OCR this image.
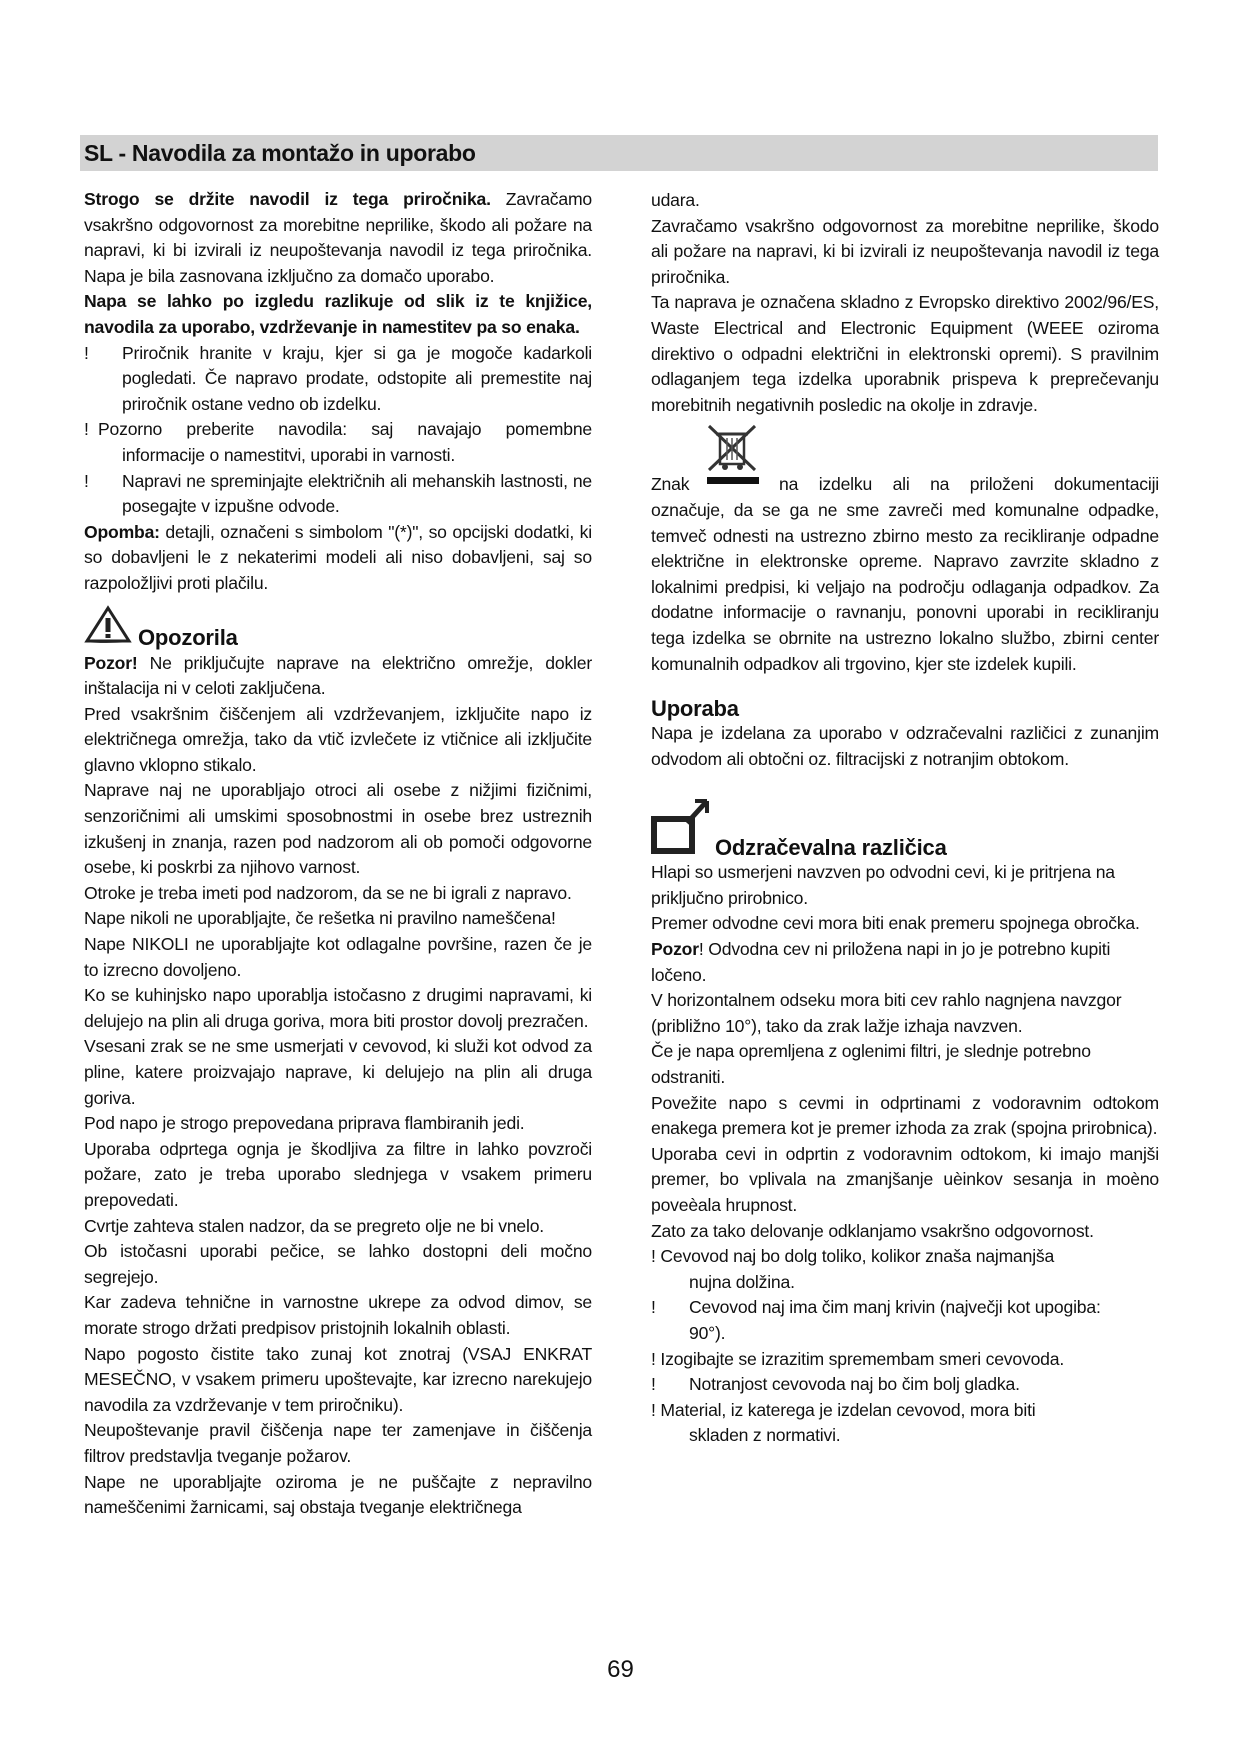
SL - Navodila za montažo in uporabo

Strogo se držite navodil iz tega priročnika. Zavračamo vsakršno odgovornost za morebitne neprilike, škodo ali požare na napravi, ki bi izvirali iz neupoštevanja navodil iz tega priročnika. Napa je bila zasnovana izključno za domačo uporabo.

Napa se lahko po izgledu razlikuje od slik iz te knjižice, navodila za uporabo, vzdrževanje in namestitev pa so enaka.

!	Priročnik hranite v kraju, kjer si ga je mogoče kadarkoli pogledati. Če napravo prodate, odstopite ali premestite naj priročnik ostane vedno ob izdelku.
! Pozorno preberite navodila: saj navajajo pomembne
informacije o namestitvi, uporabi in varnosti.
!	Napravi ne spreminjajte električnih ali mehanskih lastnosti, ne posegajte v izpušne odvode.

Opomba: detajli, označeni s simbolom "(*)", so opcijski dodatki, ki so dobavljeni le z nekaterimi modeli ali niso dobavljeni, saj so razpoložljivi proti plačilu.

Opozorila

Pozor! Ne priključujte naprave na električno omrežje, dokler inštalacija ni v celoti zaključena.

Pred vsakršnim čiščenjem ali vzdrževanjem, izključite napo iz električnega omrežja, tako da vtič izvlečete iz vtičnice ali izključite glavno vklopno stikalo.

Naprave naj ne uporabljajo otroci ali osebe z nižjimi fizičnimi, senzoričnimi ali umskimi sposobnostmi in osebe brez ustreznih izkušenj in znanja, razen pod nadzorom ali ob pomoči odgovorne osebe, ki poskrbi za njihovo varnost.

Otroke je treba imeti pod nadzorom, da se ne bi igrali z napravo.

Nape nikoli ne uporabljajte, če rešetka ni pravilno nameščena!

Nape NIKOLI ne uporabljajte kot odlagalne površine, razen če je to izrecno dovoljeno.

Ko se kuhinjsko napo uporablja istočasno z drugimi napravami, ki delujejo na plin ali druga goriva, mora biti prostor dovolj prezračen.

Vsesani zrak se ne sme usmerjati v cevovod, ki služi kot odvod za pline, katere proizvajajo naprave, ki delujejo na plin ali druga goriva.

Pod napo je strogo prepovedana priprava flambiranih jedi.

Uporaba odprtega ognja je škodljiva za filtre in lahko povzroči požare, zato je treba uporabo slednjega v vsakem primeru prepovedati.

Cvrtje zahteva stalen nadzor, da se pregreto olje ne bi vnelo.

Ob istočasni uporabi pečice, se lahko dostopni deli močno segrejejo.

Kar zadeva tehnične in varnostne ukrepe za odvod dimov, se morate strogo držati predpisov pristojnih lokalnih oblasti.

Napo pogosto čistite tako zunaj kot znotraj (VSAJ ENKRAT MESEČNO, v vsakem primeru upoštevajte, kar izrecno narekujejo navodila za vzdrževanje v tem priročniku).

Neupoštevanje pravil čiščenja nape ter zamenjave in čiščenja filtrov predstavlja tveganje požarov.

Nape ne uporabljajte oziroma je ne puščajte z nepravilno nameščenimi žarnicami, saj obstaja tveganje električnega

udara.

Zavračamo vsakršno odgovornost za morebitne neprilike, škodo ali požare na napravi, ki bi izvirali iz neupoštevanja navodil iz tega priročnika.

Ta naprava je označena skladno z Evropsko direktivo 2002/96/ES, Waste Electrical and Electronic Equipment (WEEE oziroma direktivo o odpadni električni in elektronski opremi). S pravilnim odlaganjem tega izdelka uporabnik prispeva k preprečevanju morebitnih negativnih posledic na okolje in zdravje.

Znak	na izdelku ali na priloženi dokumentaciji

označuje, da se ga ne sme zavreči med komunalne odpadke, temveč odnesti na ustrezno zbirno mesto za recikliranje odpadne električne in elektronske opreme. Napravo zavrzite skladno z lokalnimi predpisi, ki veljajo na področju odlaganja odpadkov. Za dodatne informacije o ravnanju, ponovni uporabi in recikliranju tega izdelka se obrnite na ustrezno lokalno službo, zbirni center komunalnih odpadkov ali trgovino, kjer ste izdelek kupili.

Uporaba

Napa je izdelana za uporabo v odzračevalni različici z zunanjim odvodom ali obtočni oz. filtracijski z notranjim obtokom.

Odzračevalna različica

Hlapi so usmerjeni navzven po odvodni cevi, ki je pritrjena na priključno prirobnico.

Premer odvodne cevi mora biti enak premeru spojnega obročka.

Pozor! Odvodna cev ni priložena napi in jo je potrebno kupiti ločeno.

V horizontalnem odseku mora biti cev rahlo nagnjena navzgor (približno 10°), tako da zrak lažje izhaja navzven.

Če je napa opremljena z oglenimi filtri, je slednje potrebno odstraniti.

Povežite napo s cevmi in odprtinami z vodoravnim odtokom enakega premera kot je premer izhoda za zrak (spojna prirobnica).

Uporaba cevi in odprtin z vodoravnim odtokom, ki imajo manjši premer, bo vplivala na zmanjšanje uèinkov sesanja in moèno poveèala hrupnost.

Zato za tako delovanje odklanjamo vsakršno odgovornost.

! Cevovod naj bo dolg toliko, kolikor znaša najmanjša
nujna dolžina.
!	Cevovod naj ima čim manj krivin (največji kot upogiba:
90°).
! Izogibajte se izrazitim spremembam smeri cevovoda.
!	Notranjost cevovoda naj bo čim bolj gladka.
! Material, iz katerega je izdelan cevovod, mora biti
skladen z normativi.
69
